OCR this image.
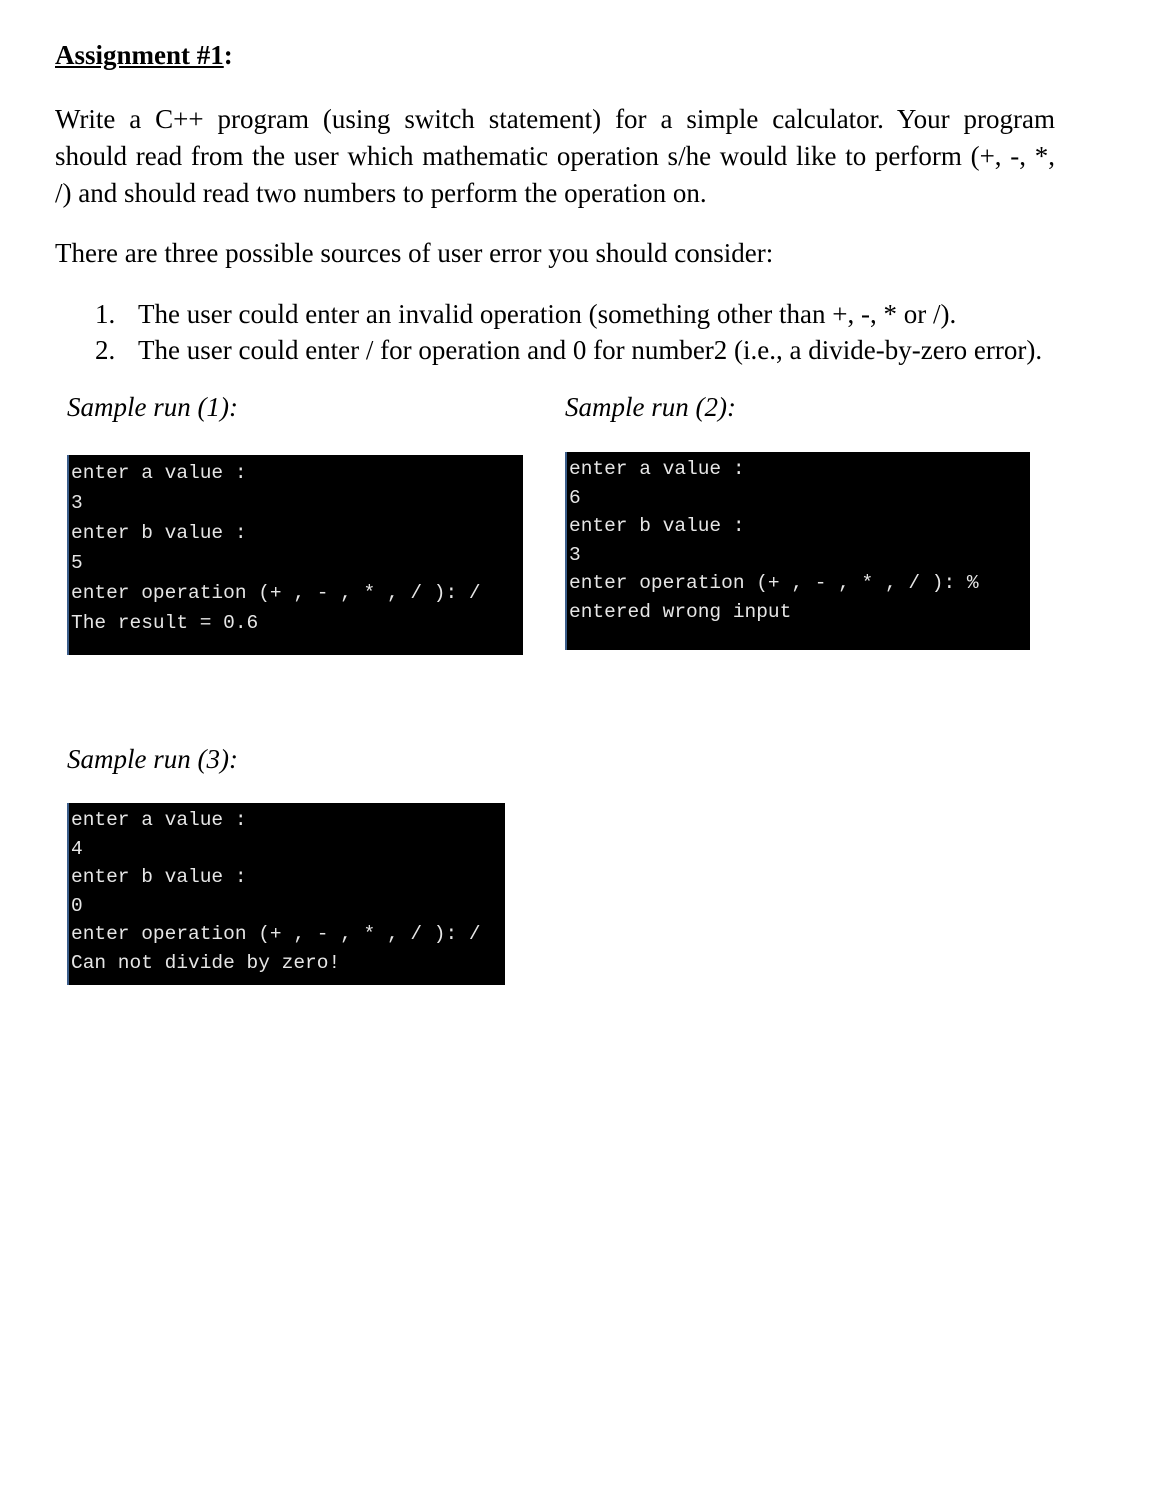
Assignment #1:

Write a C++ program (using switch statement) for a simple calculator. Your program
should read from the user which mathematic operation s/he would like to perform (+, -, *,
/) and should read two numbers to perform the operation on.

There are three possible sources of user error you should consider:

1. The user could enter an invalid operation (something other than +, -, * or /).
2. The user could enter / for operation and 0 for number2 (i.e., a divide-by-zero error).
Sample run (1):
enter a value :
3
enter b value :
5
enter operation (+ , - , * , / ): /
The result = 0.6
Sample run (2):
enter a value :
6
enter b value :
3
enter operation (+ , - , * , / ): %
entered wrong input
Sample run (3):
enter a value :
4
enter b value :
0
enter operation (+ , - , * , / ): /
Can not divide by zero!
